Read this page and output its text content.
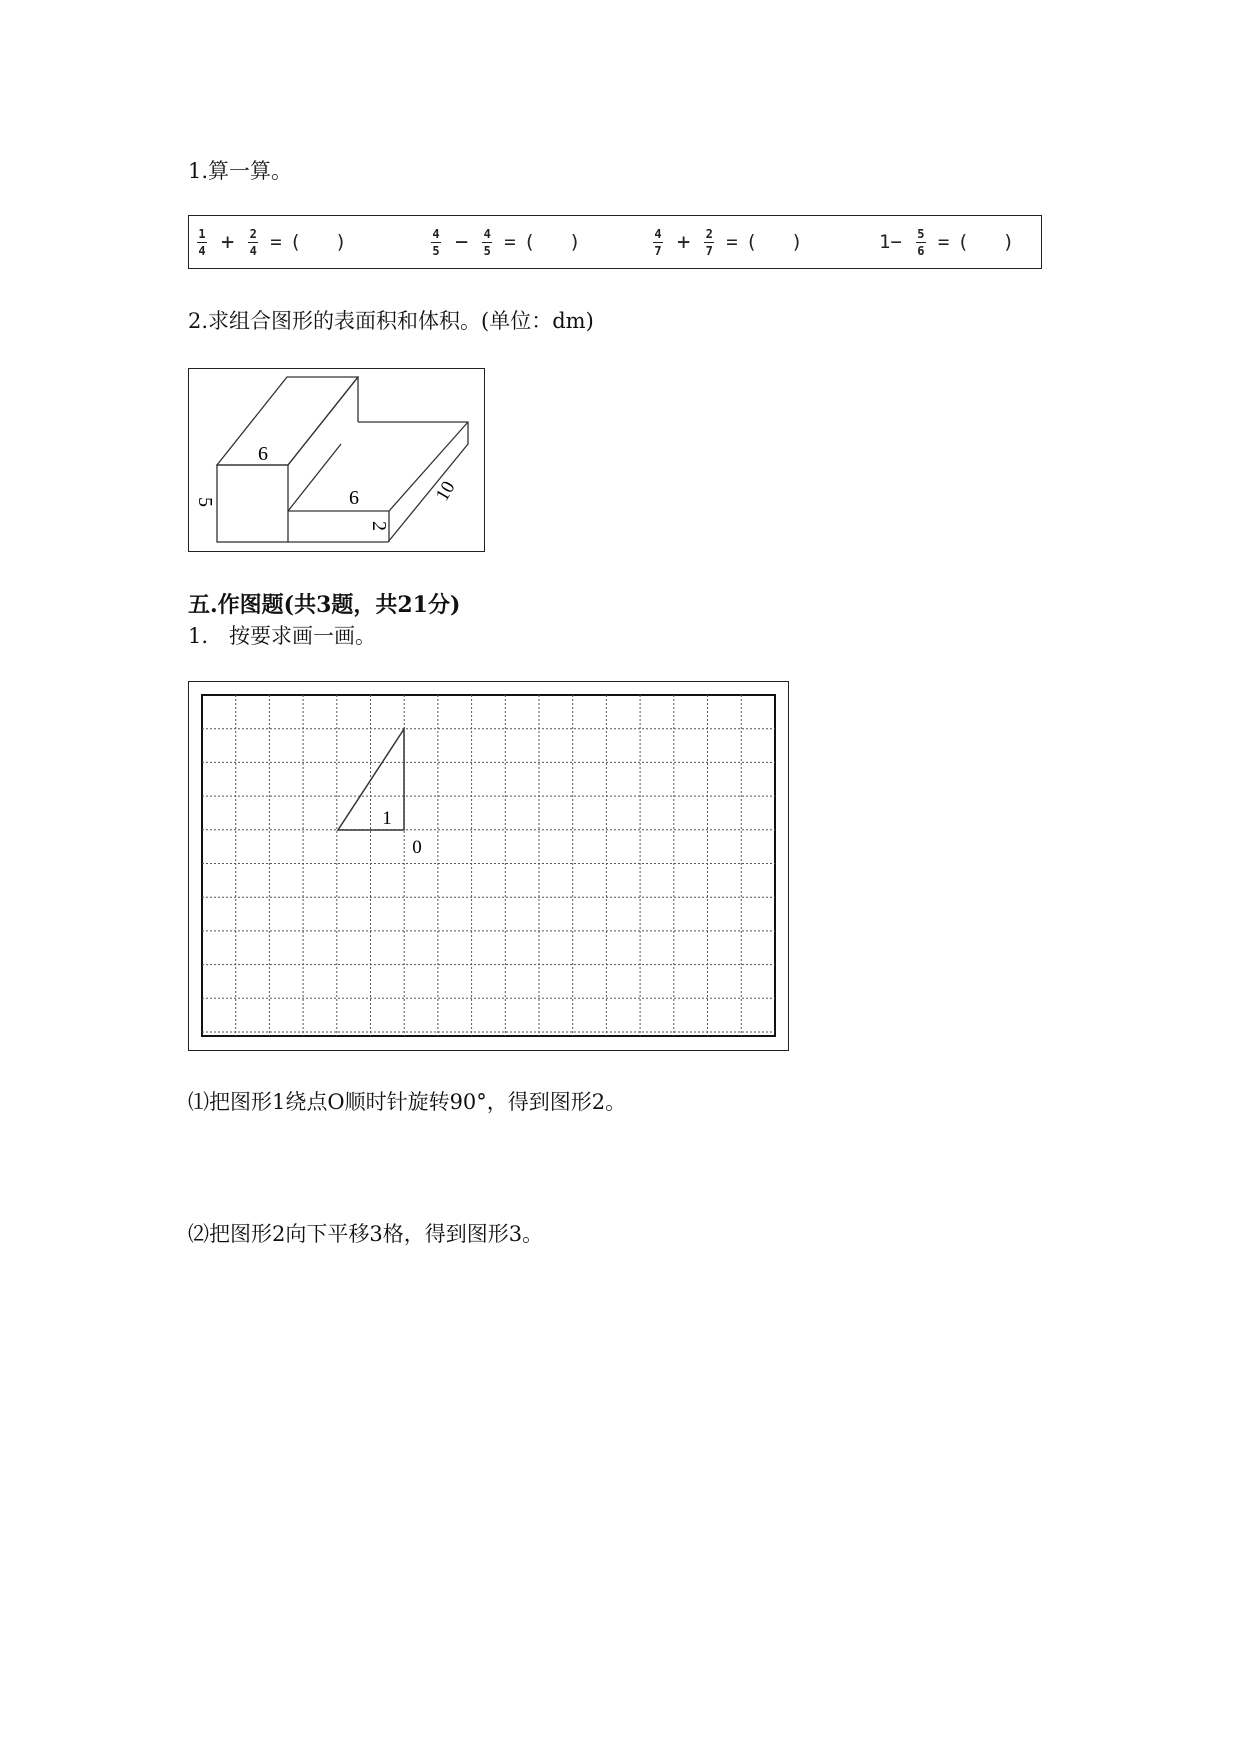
1.算一算。
$\frac{1}{4} + \frac{2}{4}$ = ( )	$\frac{4}{5} - \frac{4}{5}$ = ( )	$\frac{4}{7} + \frac{2}{7}$ = ( )	$1- \frac{5}{6}$ = ( )
2.求组合图形的表面积和体积。(单位：dm)
6
5	6
2
10
五.作图题(共3题，共21分)
1.　按要求画一画。
1
0
⑴把图形1绕点O顺时针旋转90°，得到图形2。
⑵把图形2向下平移3格，得到图形3。
